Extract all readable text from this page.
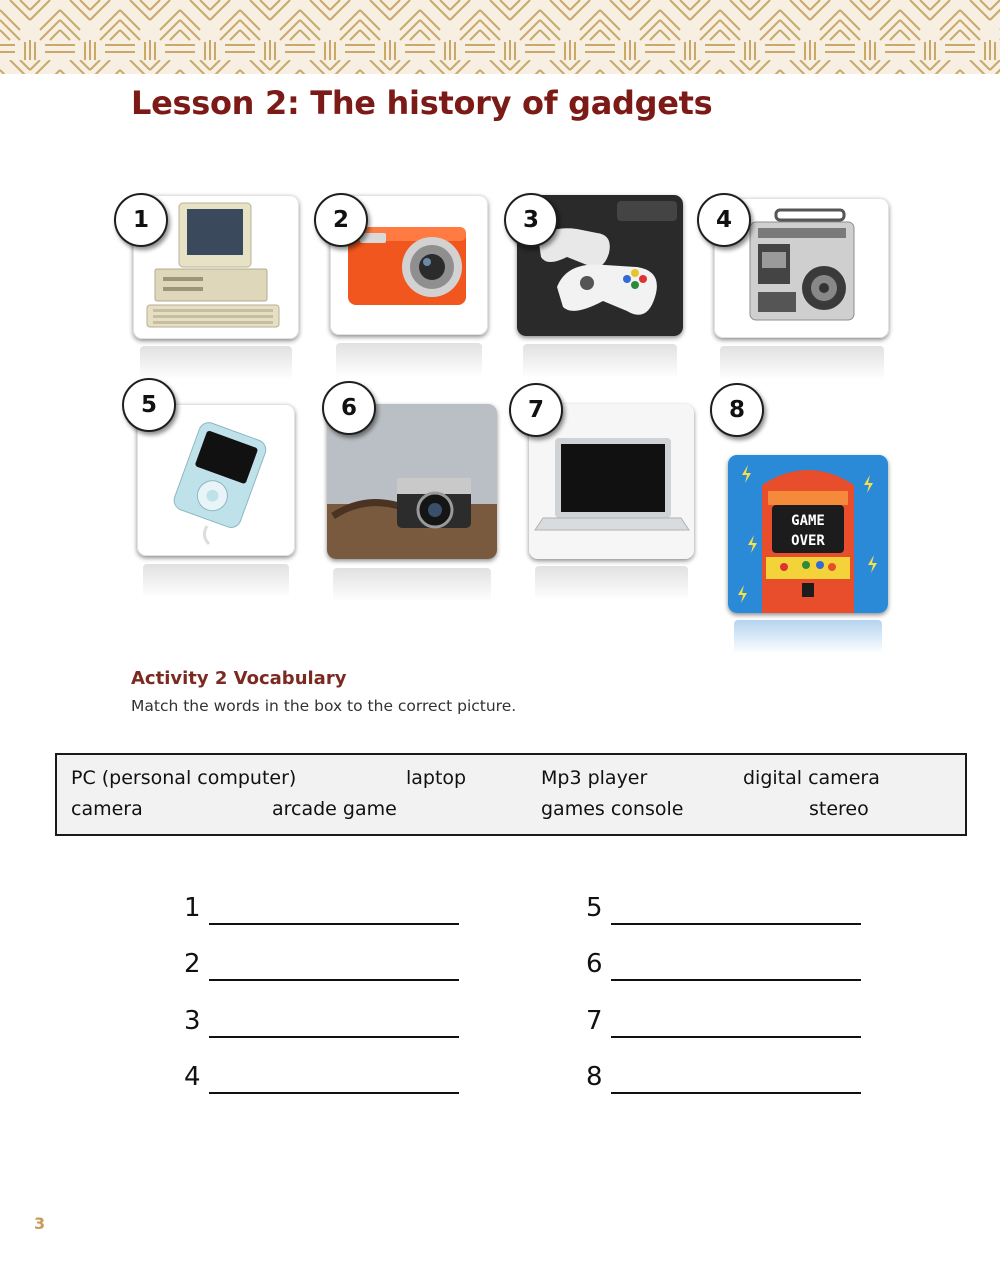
Lesson 2: The history of gadgets
GAME
OVER
1	2	3	4
5	6	7	8
Activity 2 Vocabulary
Match the words in the box to the correct picture.
PC (personal computer)	laptop	Mp3 player	digital camera
camera	arcade game	games console	stereo
1
2
3
4
5
6
7
8
3
